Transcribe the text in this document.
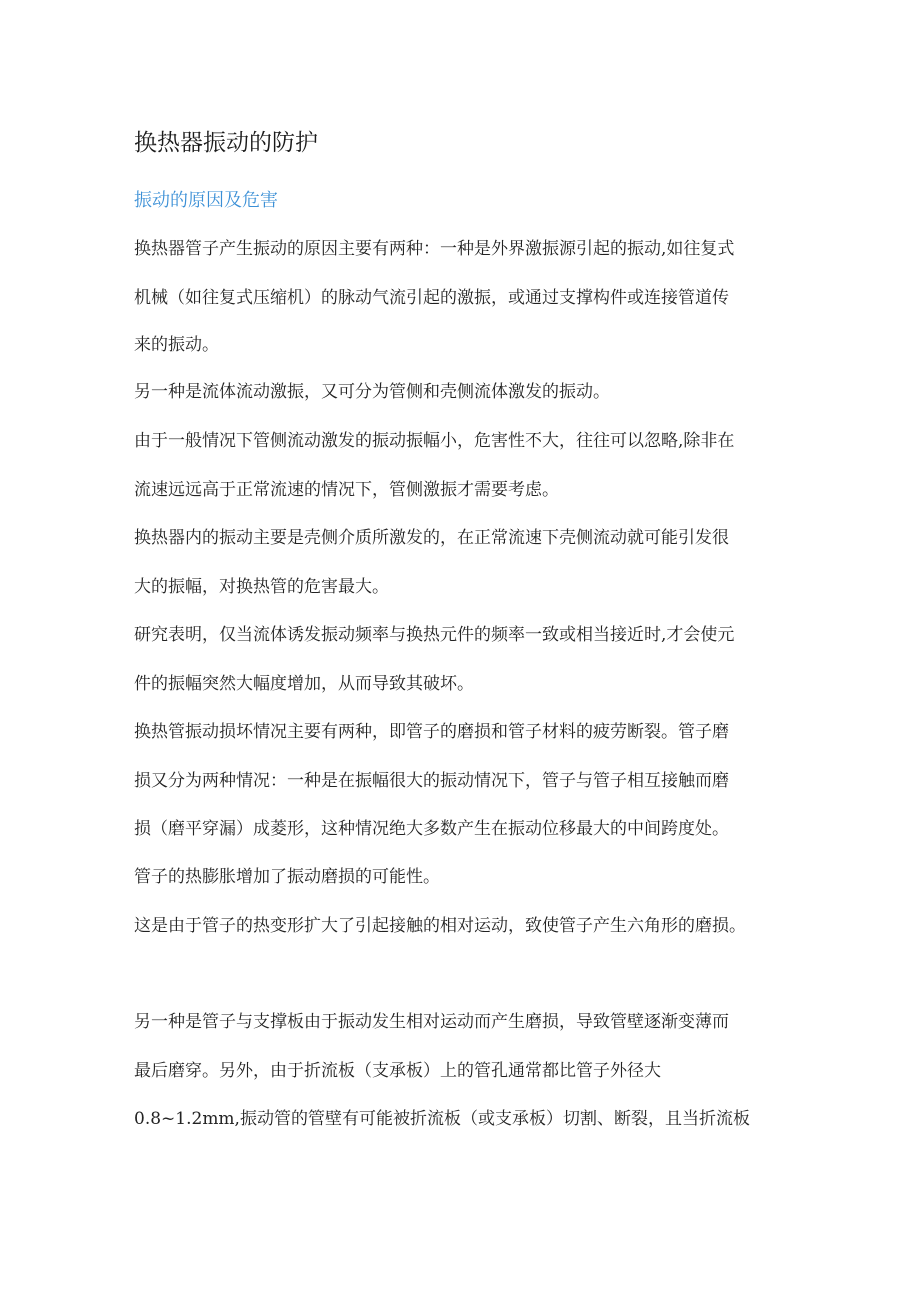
换热器振动的防护
振动的原因及危害
换热器管子产生振动的原因主要有两种：一种是外界激振源引起的振动,如往复式
机械（如往复式压缩机）的脉动气流引起的激振，或通过支撑构件或连接管道传
来的振动。
另一种是流体流动激振，又可分为管侧和壳侧流体激发的振动。
由于一般情况下管侧流动激发的振动振幅小，危害性不大，往往可以忽略,除非在
流速远远高于正常流速的情况下，管侧激振才需要考虑。
换热器内的振动主要是壳侧介质所激发的，在正常流速下壳侧流动就可能引发很
大的振幅，对换热管的危害最大。
研究表明，仅当流体诱发振动频率与换热元件的频率一致或相当接近时,才会使元
件的振幅突然大幅度增加，从而导致其破坏。
换热管振动损坏情况主要有两种，即管子的磨损和管子材料的疲劳断裂。管子磨
损又分为两种情况：一种是在振幅很大的振动情况下，管子与管子相互接触而磨
损（磨平穿漏）成菱形，这种情况绝大多数产生在振动位移最大的中间跨度处。
管子的热膨胀增加了振动磨损的可能性。
这是由于管子的热变形扩大了引起接触的相对运动，致使管子产生六角形的磨损。
另一种是管子与支撑板由于振动发生相对运动而产生磨损，导致管壁逐渐变薄而
最后磨穿。另外，由于折流板（支承板）上的管孔通常都比管子外径大
0.8~1.2mm,振动管的管壁有可能被折流板（或支承板）切割、断裂，且当折流板
